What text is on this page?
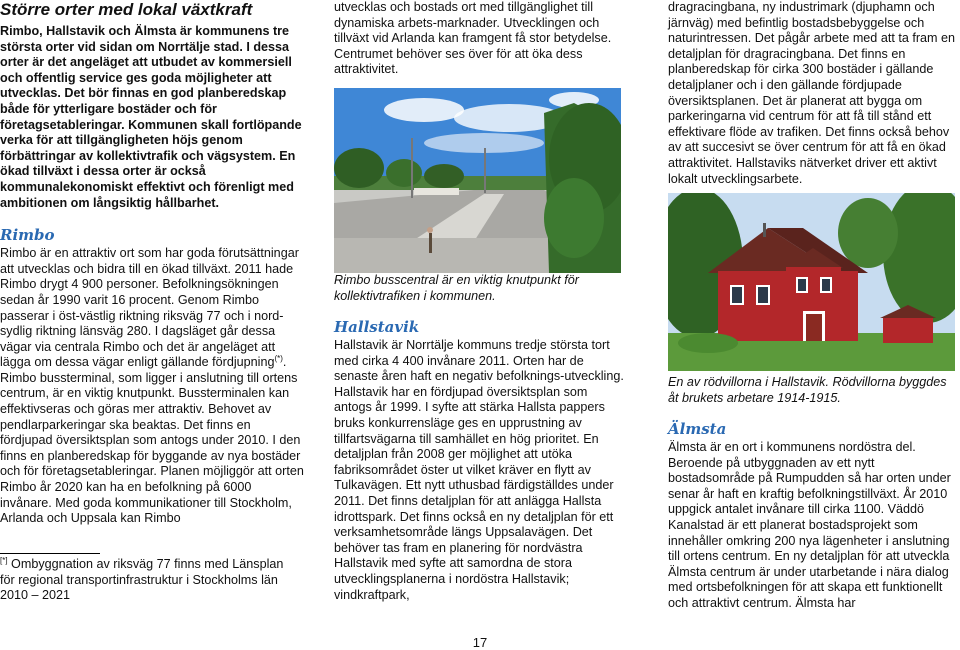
Större orter med lokal växtkraft

Rimbo, Hallstavik och Älmsta är kommunens tre största orter vid sidan om Norrtälje stad. I dessa orter är det angeläget att utbudet av kommersiell och offentlig service ges goda möjligheter att utvecklas. Det bör finnas en god planberedskap både för ytterligare bostäder och för företagsetableringar. Kommunen skall fortlöpande verka för att tillgängligheten höjs genom förbättringar av kollektivtrafik och vägsystem. En ökad tillväxt i dessa orter är också kommunalekonomiskt effektivt och förenligt med ambitionen om långsiktig hållbarhet.

Rimbo

Rimbo är en attraktiv ort som har goda förutsättningar att utvecklas och bidra till en ökad tillväxt. 2011 hade Rimbo drygt 4 900 personer. Befolkningsökningen sedan år 1990 varit 16 procent. Genom Rimbo passerar i öst-västlig riktning riksväg 77 och i nord-sydlig riktning länsväg 280. I dagsläget går dessa vägar via centrala Rimbo och det är angeläget att lägga om dessa vägar enligt gällande fördjupning(*). Rimbo bussterminal, som ligger i anslutning till ortens centrum, är en viktig knutpunkt. Bussterminalen kan effektivseras och göras mer attraktiv. Behovet av pendlarparkeringar ska beaktas. Det finns en fördjupad översiktsplan som antogs under 2010. I den finns en planberedskap för byggande av nya bostäder och för företagsetableringar. Planen möjliggör att orten Rimbo år 2020 kan ha en befolkning på 6000 invånare. Med goda kommunikationer till Stockholm, Arlanda och Uppsala kan Rimbo

[*] Ombyggnation av riksväg 77 finns med Länsplan för regional transportinfrastruktur i Stockholms län 2010 – 2021

utvecklas och bostads ort med tillgänglighet till dynamiska arbets-marknader. Utvecklingen och tillväxt vid Arlanda kan framgent få stor betydelse. Centrumet behöver ses över för att öka dess attraktivitet.

Rimbo busscentral är en viktig knutpunkt för kollektivtrafiken i kommunen.

Hallstavik

Hallstavik är Norrtälje kommuns tredje största tort med cirka 4 400 invånare 2011. Orten har de senaste åren haft en negativ befolknings-utveckling. Hallstavik har en fördjupad översiktsplan som antogs år 1999. I syfte att stärka Hallsta pappers bruks konkurrensläge ges en upprustning av tillfartsvägarna till samhället en hög prioritet. En detaljplan från 2008 ger möjlighet att utöka fabriksområdet öster ut vilket kräver en flytt av Tulkavägen. Ett nytt uthusbad färdigställdes under 2011. Det finns detaljplan för att anlägga Hallsta idrottspark. Det finns också en ny detaljplan för ett verksamhetsområde längs Uppsalavägen. Det behöver tas fram en planering för nordvästra Hallstavik med syfte att samordna de stora utvecklingsplanerna i nordöstra Hallstavik; vindkraftpark,

dragracingbana, ny industrimark (djuphamn och järnväg) med befintlig bostadsbebyggelse och naturintressen. Det pågår arbete med att ta fram en detaljplan för dragracingbana. Det finns en planberedskap för cirka 300 bostäder i gällande detaljplaner och i den gällande fördjupade översiktsplanen. Det är planerat att bygga om parkeringarna vid centrum för att få till stånd ett effektivare flöde av trafiken. Det finns också behov av att succesivt se över centrum för att få en ökad attraktivitet. Hallstaviks nätverket driver ett aktivt lokalt utvecklingsarbete.

En av rödvillorna i Hallstavik. Rödvillorna byggdes åt brukets arbetare 1914-1915.

Älmsta

Älmsta är en ort i kommunens nordöstra del. Beroende på utbyggnaden av ett nytt bostadsområde på Rumpudden så har orten under senar år haft en kraftig befolkningstillväxt. År 2010 uppgick antalet invånare till cirka 1100. Väddö Kanalstad är ett planerat bostadsprojekt som innehåller omkring 200 nya lägenheter i anslutning till ortens centrum. En ny detaljplan för att utveckla Älmsta centrum är under utarbetande i nära dialog med ortsbefolkningen för att skapa ett funktionellt och attraktivt centrum. Älmsta har

17
